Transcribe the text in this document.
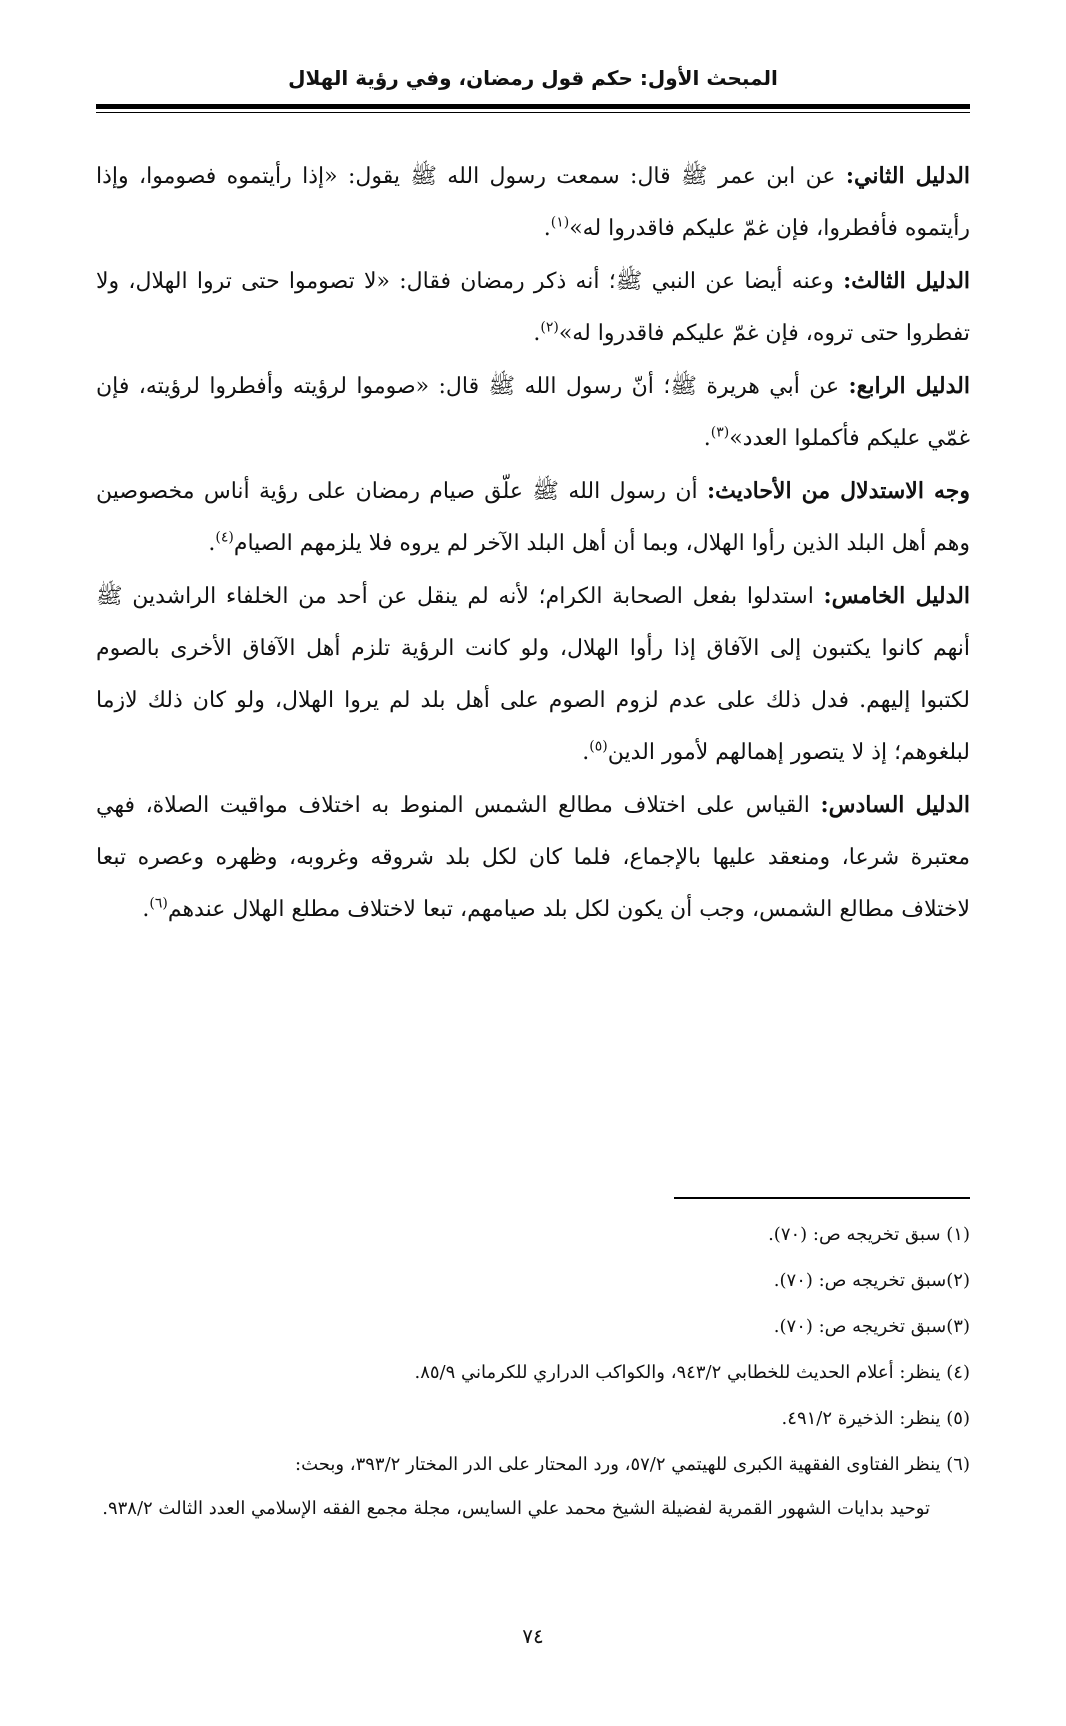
المبحث الأول: حكم قول رمضان، وفي رؤية الهلال

الدليل الثاني: عن ابن عمر ﷺ قال: سمعت رسول الله ﷺ يقول: «إذا رأيتموه فصوموا، وإذا رأيتموه فأفطروا، فإن غمّ عليكم فاقدروا له»$^{(١)}$.

الدليل الثالث: وعنه أيضا عن النبي ﷺ؛ أنه ذكر رمضان فقال: «لا تصوموا حتى تروا الهلال، ولا تفطروا حتى تروه، فإن غمّ عليكم فاقدروا له»$^{(٢)}$.

الدليل الرابع: عن أبي هريرة ﷺ؛ أنّ رسول الله ﷺ قال: «صوموا لرؤيته وأفطروا لرؤيته، فإن غمّي عليكم فأكملوا العدد»$^{(٣)}$.

وجه الاستدلال من الأحاديث: أن رسول الله ﷺ علّق صيام رمضان على رؤية أناس مخصوصين وهم أهل البلد الذين رأوا الهلال، وبما أن أهل البلد الآخر لم يروه فلا يلزمهم الصيام$^{(٤)}$.

الدليل الخامس: استدلوا بفعل الصحابة الكرام؛ لأنه لم ينقل عن أحد من الخلفاء الراشدين ﷺ أنهم كانوا يكتبون إلى الآفاق إذا رأوا الهلال، ولو كانت الرؤية تلزم أهل الآفاق الأخرى بالصوم لكتبوا إليهم. فدل ذلك على عدم لزوم الصوم على أهل بلد لم يروا الهلال، ولو كان ذلك لازما لبلغوهم؛ إذ لا يتصور إهمالهم لأمور الدين$^{(٥)}$.

الدليل السادس: القياس على اختلاف مطالع الشمس المنوط به اختلاف مواقيت الصلاة، فهي معتبرة شرعا، ومنعقد عليها بالإجماع، فلما كان لكل بلد شروقه وغروبه، وظهره وعصره تبعا لاختلاف مطالع الشمس، وجب أن يكون لكل بلد صيامهم، تبعا لاختلاف مطلع الهلال عندهم$^{(٦)}$.

(١) سبق تخريجه ص: (٧٠).

(٢)سبق تخريجه ص: (٧٠).

(٣)سبق تخريجه ص: (٧٠).

(٤) ينظر: أعلام الحديث للخطابي ٩٤٣/٢، والكواكب الدراري للكرماني ٨٥/٩.

(٥) ينظر: الذخيرة ٤٩١/٢.

(٦) ينظر الفتاوى الفقهية الكبرى للهيتمي ٥٧/٢، ورد المحتار على الدر المختار ٣٩٣/٢، وبحث:

توحيد بدايات الشهور القمرية لفضيلة الشيخ محمد علي السايس، مجلة مجمع الفقه الإسلامي العدد الثالث ٩٣٨/٢.

٧٤
